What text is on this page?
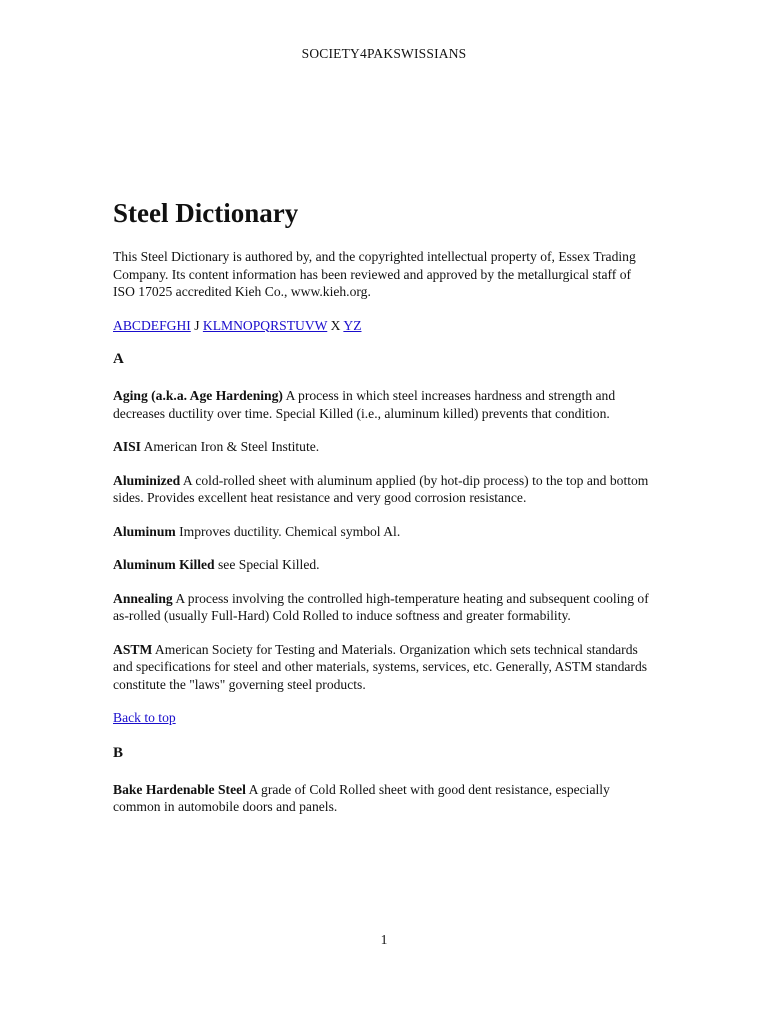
SOCIETY4PAKSWISSIANS
Steel Dictionary

This Steel Dictionary is authored by, and the copyrighted intellectual property of, Essex Trading Company. Its content information has been reviewed and approved by the metallurgical staff of ISO 17025 accredited Kieh Co., www.kieh.org.

ABCDEFGHI J KLMNOPQRSTUVW X YZ
A

Aging (a.k.a. Age Hardening) A process in which steel increases hardness and strength and decreases ductility over time. Special Killed (i.e., aluminum killed) prevents that condition.

AISI American Iron & Steel Institute.

Aluminized A cold-rolled sheet with aluminum applied (by hot-dip process) to the top and bottom sides. Provides excellent heat resistance and very good corrosion resistance.

Aluminum Improves ductility. Chemical symbol Al.

Aluminum Killed see Special Killed.

Annealing A process involving the controlled high-temperature heating and subsequent cooling of as-rolled (usually Full-Hard) Cold Rolled to induce softness and greater formability.

ASTM American Society for Testing and Materials. Organization which sets technical standards and specifications for steel and other materials, systems, services, etc. Generally, ASTM standards constitute the "laws" governing steel products.

Back to top
B

Bake Hardenable Steel A grade of Cold Rolled sheet with good dent resistance, especially common in automobile doors and panels.

1
